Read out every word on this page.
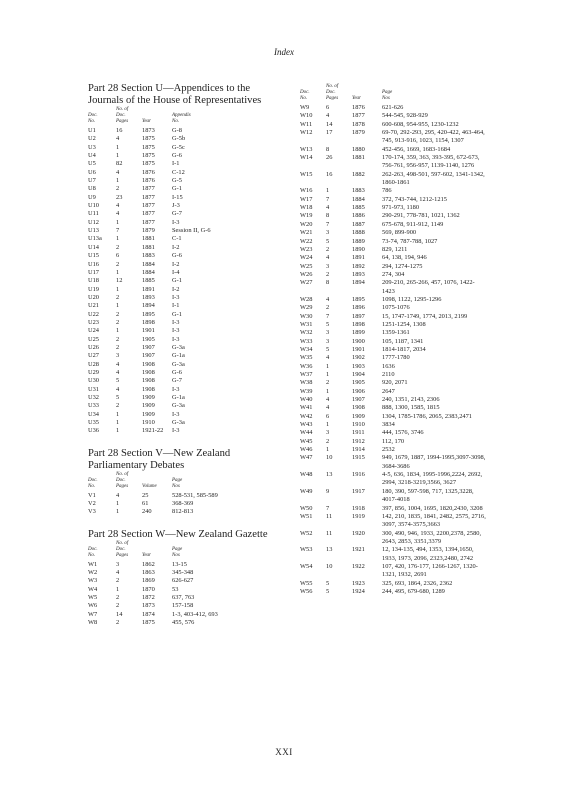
Index
Part 28 Section U—Appendices to the
Journals of the House of Representatives
Doc.
No.	No. of
Doc.
Pages	Year	Appendix
No.
U1	16	1873	G-8
U2	4	1875	G-5b
U3	1	1875	G-5c
U4	1	1875	G-6
U5	82	1875	I-1
U6	4	1876	C-12
U7	1	1876	G-5
U8	2	1877	G-1
U9	23	1877	I-15
U10	4	1877	J-3
U11	4	1877	G-7
U12	1	1877	I-3
U13	7	1879	Session II, G-6
U13a	1	1881	C-1
U14	2	1881	I-2
U15	6	1883	G-6
U16	2	1884	I-2
U17	1	1884	I-4
U18	12	1885	G-1
U19	1	1891	I-2
U20	2	1893	I-3
U21	1	1894	I-1
U22	2	1895	G-1
U23	2	1898	I-3
U24	1	1901	I-3
U25	2	1905	I-3
U26	2	1907	G-3a
U27	3	1907	G-1a
U28	4	1908	G-3a
U29	4	1908	G-6
U30	5	1908	G-7
U31	4	1908	I-3
U32	5	1909	G-1a
U33	2	1909	G-3a
U34	1	1909	I-3
U35	1	1910	G-3a
U36	1	1921-22	I-3
Part 28 Section V—New Zealand
Parliamentary Debates
Doc.
No.	No. of
Doc.
Pages	Volume	Page
Nos
V1	4	25	528-531, 585-589
V2	1	61	368-369
V3	1	240	812-813
Part 28 Section W—New Zealand Gazette
Doc.
No.	No. of
Doc.
Pages	Year	Page
Nos
W1	3	1862	13-15
W2	4	1863	345-348
W3	2	1869	626-627
W4	1	1870	53
W5	2	1872	637, 763
W6	2	1873	157-158
W7	14	1874	1-3, 403-412, 693
W8	2	1875	455, 576
Doc.
No.	No. of
Doc.
Pages	Year	Page
Nos
W9	6	1876	621-626
W10	4	1877	544-545, 928-929
W11	14	1878	600-608, 954-955, 1230-1232
W12	17	1879	69-70, 292-293, 295, 420-422, 463-464, 745, 913-916, 1023, 1154, 1307
W13	8	1880	452-456, 1669, 1683-1684
W14	26	1881	170-174, 359, 363, 393-395, 672-673, 756-761, 956-957, 1139-1140, 1276
W15	16	1882	262-263, 498-501, 597-602, 1341-1342, 1860-1861
W16	1	1883	786
W17	7	1884	372, 743-744, 1212-1215
W18	4	1885	971-973, 1180
W19	8	1886	290-291, 778-781, 1021, 1362
W20	7	1887	675-678, 911-912, 1149
W21	3	1888	569, 899-900
W22	5	1889	73-74, 787-788, 1027
W23	2	1890	829, 1211
W24	4	1891	64, 138, 194, 946
W25	3	1892	294, 1274-1275
W26	2	1893	274, 304
W27	8	1894	209-210, 265-266, 457, 1076, 1422-1423
W28	4	1895	1098, 1122, 1295-1296
W29	2	1896	1075-1076
W30	7	1897	15, 1747-1749, 1774, 2013, 2199
W31	5	1898	1251-1254, 1308
W32	3	1899	1359-1361
W33	3	1900	105, 1187, 1341
W34	5	1901	1814-1817, 2034
W35	4	1902	1777-1780
W36	1	1903	1636
W37	1	1904	2110
W38	2	1905	920, 2071
W39	1	1906	2647
W40	4	1907	240, 1351, 2143, 2306
W41	4	1908	888, 1300, 1585, 1815
W42	6	1909	1304, 1785-1786, 2065, 2383,2471
W43	1	1910	3834
W44	3	1911	444, 1576, 3746
W45	2	1912	112, 170
W46	1	1914	2532
W47	10	1915	949, 1679, 1887, 1994-1995,3097-3098, 3684-3686
W48	13	1916	4-5, 636, 1834, 1995-1996,2224, 2692, 2994, 3218-3219,3566, 3627
W49	9	1917	180, 390, 597-598, 717, 1325,3228, 4017-4018
W50	7	1918	397, 856, 1004, 1695, 1820,2430, 3208
W51	11	1919	142, 210, 1835, 1841, 2482, 2575, 2716, 3097, 3574-3575,3663
W52	11	1920	300, 490, 946, 1933, 2200,2378, 2580, 2643, 2853, 3351,3379
W53	13	1921	12, 134-135, 494, 1353, 1394,1650, 1933, 1973, 2096, 2323,2480, 2742
W54	10	1922	107, 420, 176-177, 1266-1267, 1320-1321, 1932, 2691
W55	5	1923	325, 693, 1864, 2326, 2362
W56	5	1924	244, 495, 679-680, 1289
XXI
